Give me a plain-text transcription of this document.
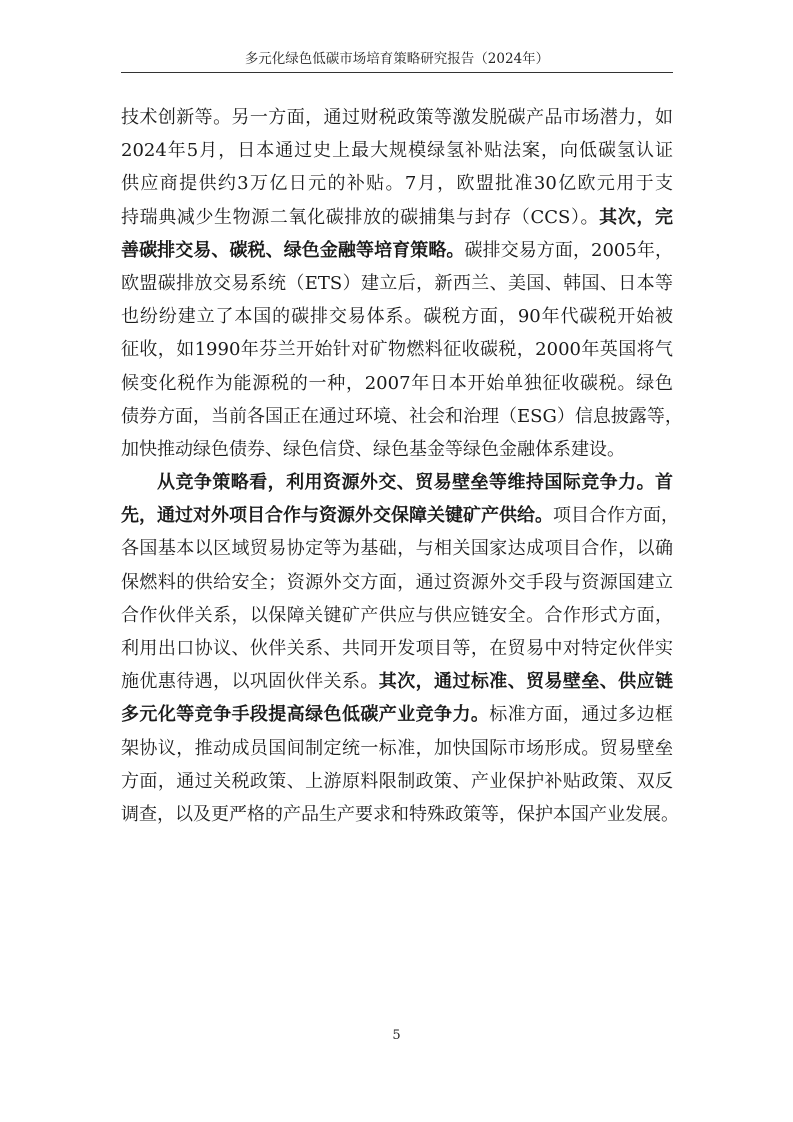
多元化绿色低碳市场培育策略研究报告（2024年）
技术创新等。另一方面，通过财税政策等激发脱碳产品市场潜力，如
2024年5月，日本通过史上最大规模绿氢补贴法案，向低碳氢认证
供应商提供约3万亿日元的补贴。7月，欧盟批准30亿欧元用于支
持瑞典减少生物源二氧化碳排放的碳捕集与封存（CCS）。其次，完
善碳排交易、碳税、绿色金融等培育策略。碳排交易方面，2005年，
欧盟碳排放交易系统（ETS）建立后，新西兰、美国、韩国、日本等
也纷纷建立了本国的碳排交易体系。碳税方面，90年代碳税开始被
征收，如1990年芬兰开始针对矿物燃料征收碳税，2000年英国将气
候变化税作为能源税的一种，2007年日本开始单独征收碳税。绿色
债券方面，当前各国正在通过环境、社会和治理（ESG）信息披露等，
加快推动绿色债券、绿色信贷、绿色基金等绿色金融体系建设。
从竞争策略看，利用资源外交、贸易壁垒等维持国际竞争力。首
先，通过对外项目合作与资源外交保障关键矿产供给。项目合作方面，
各国基本以区域贸易协定等为基础，与相关国家达成项目合作，以确
保燃料的供给安全；资源外交方面，通过资源外交手段与资源国建立
合作伙伴关系，以保障关键矿产供应与供应链安全。合作形式方面，
利用出口协议、伙伴关系、共同开发项目等，在贸易中对特定伙伴实
施优惠待遇，以巩固伙伴关系。其次，通过标准、贸易壁垒、供应链
多元化等竞争手段提高绿色低碳产业竞争力。标准方面，通过多边框
架协议，推动成员国间制定统一标准，加快国际市场形成。贸易壁垒
方面，通过关税政策、上游原料限制政策、产业保护补贴政策、双反
调查，以及更严格的产品生产要求和特殊政策等，保护本国产业发展。
5
